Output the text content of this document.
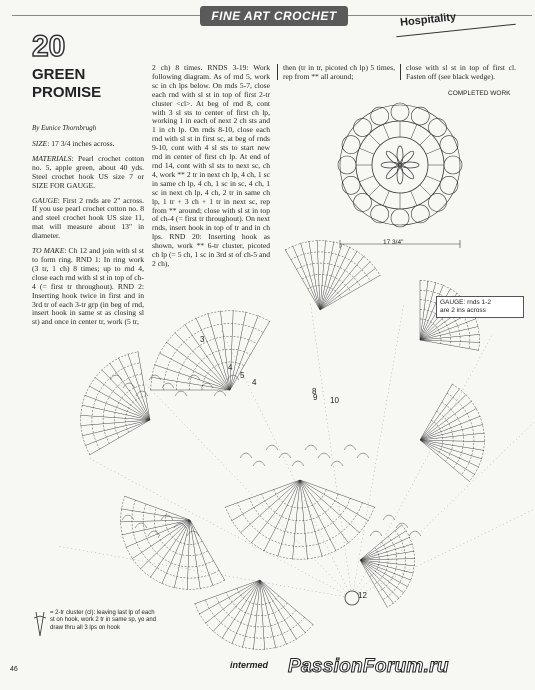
FINE ART CROCHET	Hospitality
20
GREEN
PROMISE
By Eunice Thornbrugh

SIZE: 17 3/4 inches across.

MATERIALS: Pearl crochet cotton no. 5, apple green, about 40 yds. Steel crochet hook US size 7 or SIZE FOR GAUGE.

GAUGE: First 2 rnds are 2" across. If you use pearl crochet cotton no. 8 and steel crochet hook US size 11, mat will measure about 13" in diameter.

TO MAKE: Ch 12 and join with sl st to form ring. RND 1: In ring work (3 tr, 1 ch) 8 times; up to rnd 4, close each rnd with sl st in top of ch-4 (= first tr throughout). RND 2: Inserting hook twice in first and in 3rd tr of each 3-tr grp (in beg of rnd, insert hook in same st as closing sl st) and once in center tr, work (5 tr,

2 ch) 8 times. RNDS 3-19: Work following diagram. As of rnd 5, work sc in ch lps below. On rnds 5-7, close each rnd with sl st in top of first 2-tr cluster <cl>. At beg of rnd 8, cont with 3 sl sts to center of first ch lp, working 1 in each of next 2 ch sts and 1 in ch lp. On rnds 8-10, close each rnd with sl st in first sc, at beg of rnds 9-10, cont with 4 sl sts to start new rnd in center of first ch lp. At end of rnd 14, cont with sl sts to next sc, ch 4, work ** 2 tr in next ch lp, 4 ch, 1 sc in same ch lp, 4 ch, 1 sc in sc, 4 ch, 1 sc in next ch lp, 4 ch, 2 tr in same ch lp, 1 tr + 3 ch + 1 tr in next sc, rep from ** around; close with sl st in top of ch-4 (= first tr throughout). On next rnds, insert hook in top of tr and in ch lps. RND 20: Inserting hook as shown, work ** 6-tr cluster, picoted ch lp (= 5 ch, 1 sc in 3rd st of ch-5 and 2 ch),

then (tr in tr, picoted ch lp) 5 times, rep from ** all around;

close with sl st in top of first cl. Fasten off (see black wedge).

COMPLETED WORK
17 3/4"
3
4
5
4
8
9 10
12
GAUGE: rnds 1-2
are 2 ins across
= 2-tr cluster (cl): leaving last lp of each st on hook, work 2 tr in same sp, yo and draw thru all 3 lps on hook
46	intermed PassionForum.ru
